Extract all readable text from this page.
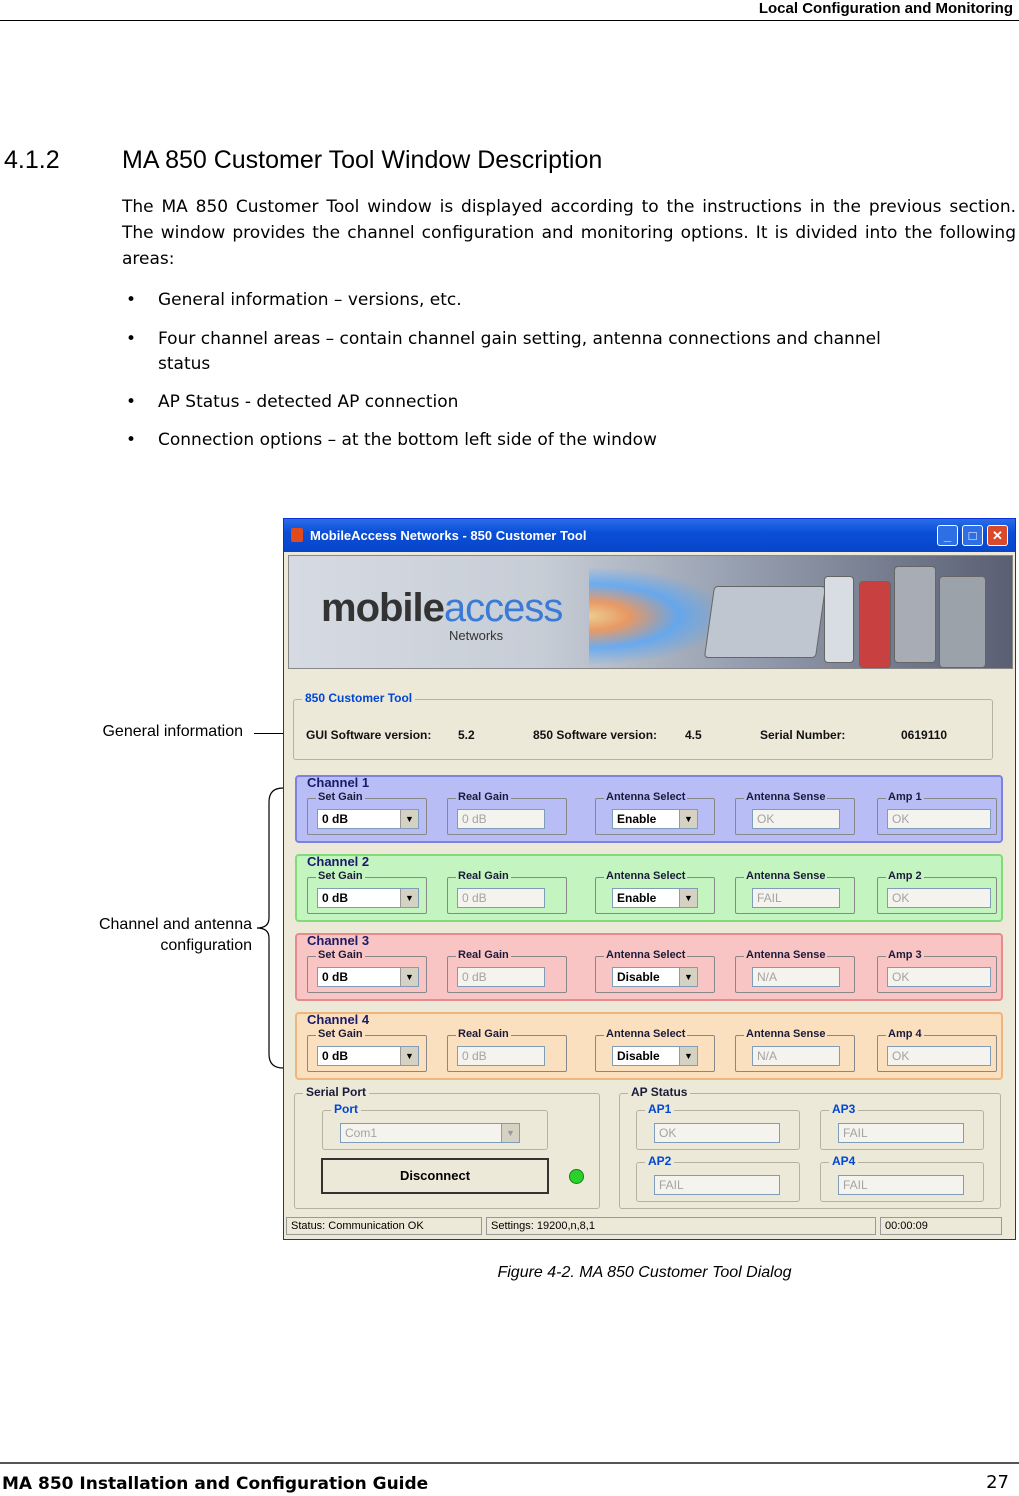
Local Configuration and Monitoring
4.1.2 MA 850 Customer Tool Window Description
The MA 850 Customer Tool window is displayed according to the instructions in the previous section. The window provides the channel configuration and monitoring options. It is divided into the following areas:
• General information – versions, etc.
• Four channel areas – contain channel gain setting, antenna connections and channel
status
• AP Status - detected AP connection
• Connection options – at the bottom left side of the window
General information
Channel and antenna
configuration
MobileAccess Networks - 850 Customer Tool	_	□	✕
mobileaccess
Networks
850 Customer Tool
GUI Software version: 5.2	850 Software version: 4.5	Serial Number:	0619110
Channel 1
Set Gain
0 dB	▼
Real Gain
0 dB
Antenna Select
Enable	▼
Antenna Sense
OK
Amp 1
OK
Channel 2
Set Gain
0 dB	▼
Real Gain
0 dB
Antenna Select
Enable	▼
Antenna Sense
FAIL
Amp 2
OK
Channel 3
Set Gain
0 dB	▼
Real Gain
0 dB
Antenna Select
Disable	▼
Antenna Sense
N/A
Amp 3
OK
Channel 4
Set Gain
0 dB	▼
Real Gain
0 dB
Antenna Select
Disable	▼
Antenna Sense
N/A
Amp 4
OK
Serial Port
Port
Com1	▼
Disconnect
AP Status
AP1
OK
AP3
FAIL
AP2
FAIL
AP4
FAIL
Status: Communication OK	Settings: 19200,n,8,1	00:00:09
Figure 4-2. MA 850 Customer Tool Dialog
MA 850 Installation and Configuration Guide	27
